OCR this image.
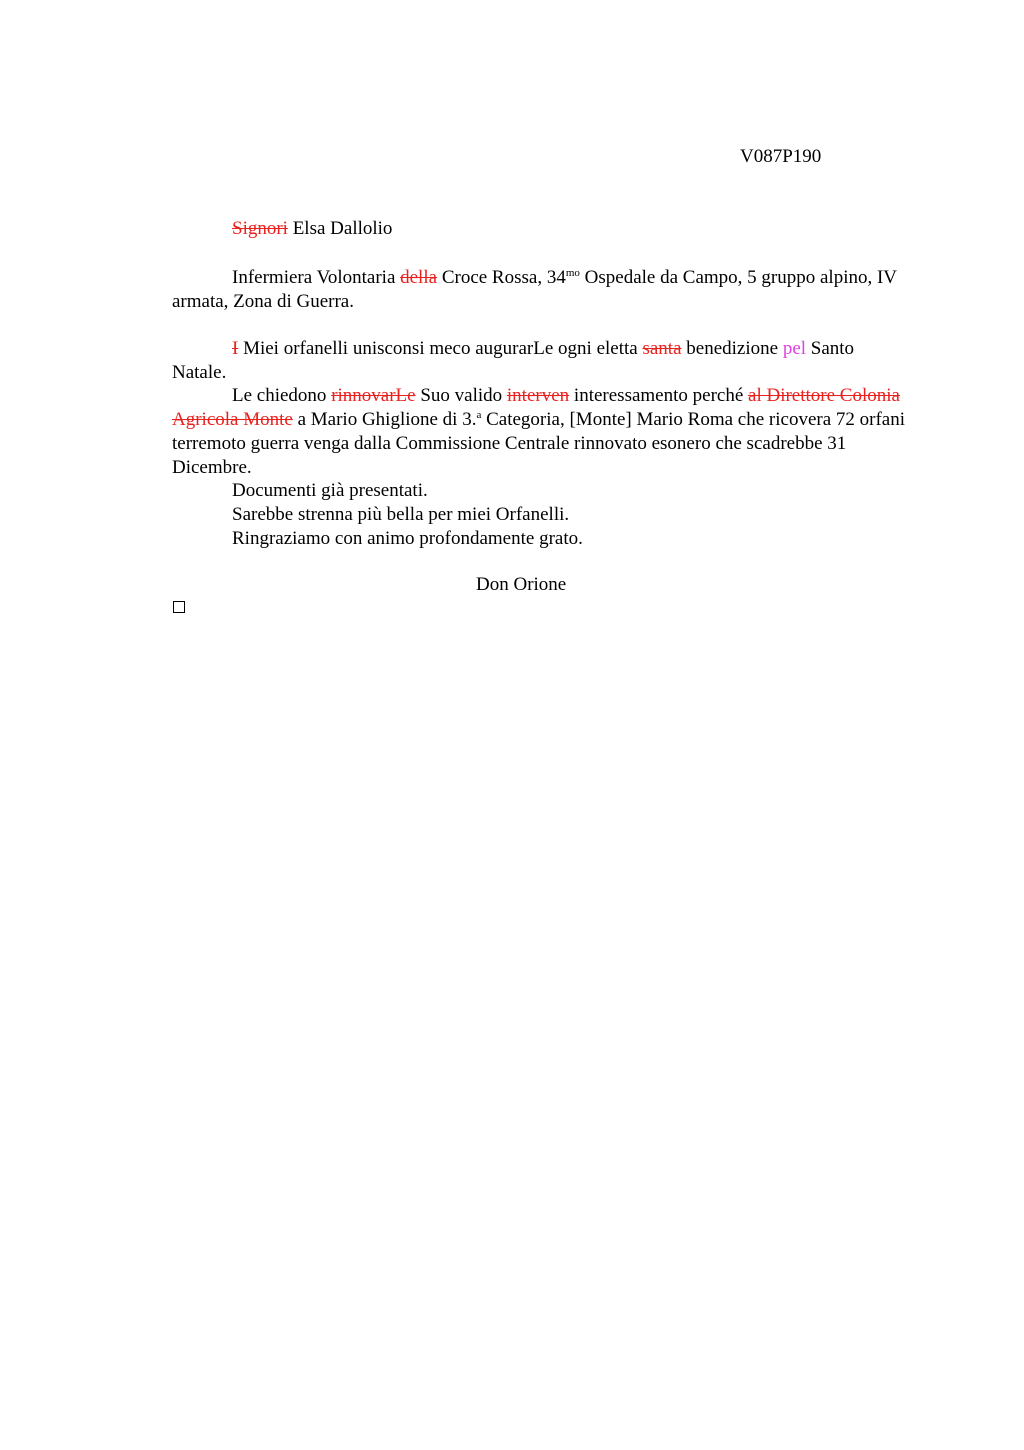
V087P190

Signori Elsa Dallolio

Infermiera Volontaria della Croce Rossa, $34^{mo}$ Ospedale da Campo, 5 gruppo alpino, IV armata, Zona di Guerra.

I Miei orfanelli unisconsi meco augurarLe ogni eletta santa benedizione pel Santo Natale.

Le chiedono rinnovarLe Suo valido interven interessamento perché al Direttore Colonia Agricola Monte a Mario Ghiglione di 3.$^a$ Categoria, [Monte] Mario Roma che ricovera 72 orfani terremoto guerra venga dalla Commissione Centrale rinnovato esonero che scadrebbe 31 Dicembre.

Documenti già presentati.

Sarebbe strenna più bella per miei Orfanelli.

Ringraziamo con animo profondamente grato.

Don Orione
